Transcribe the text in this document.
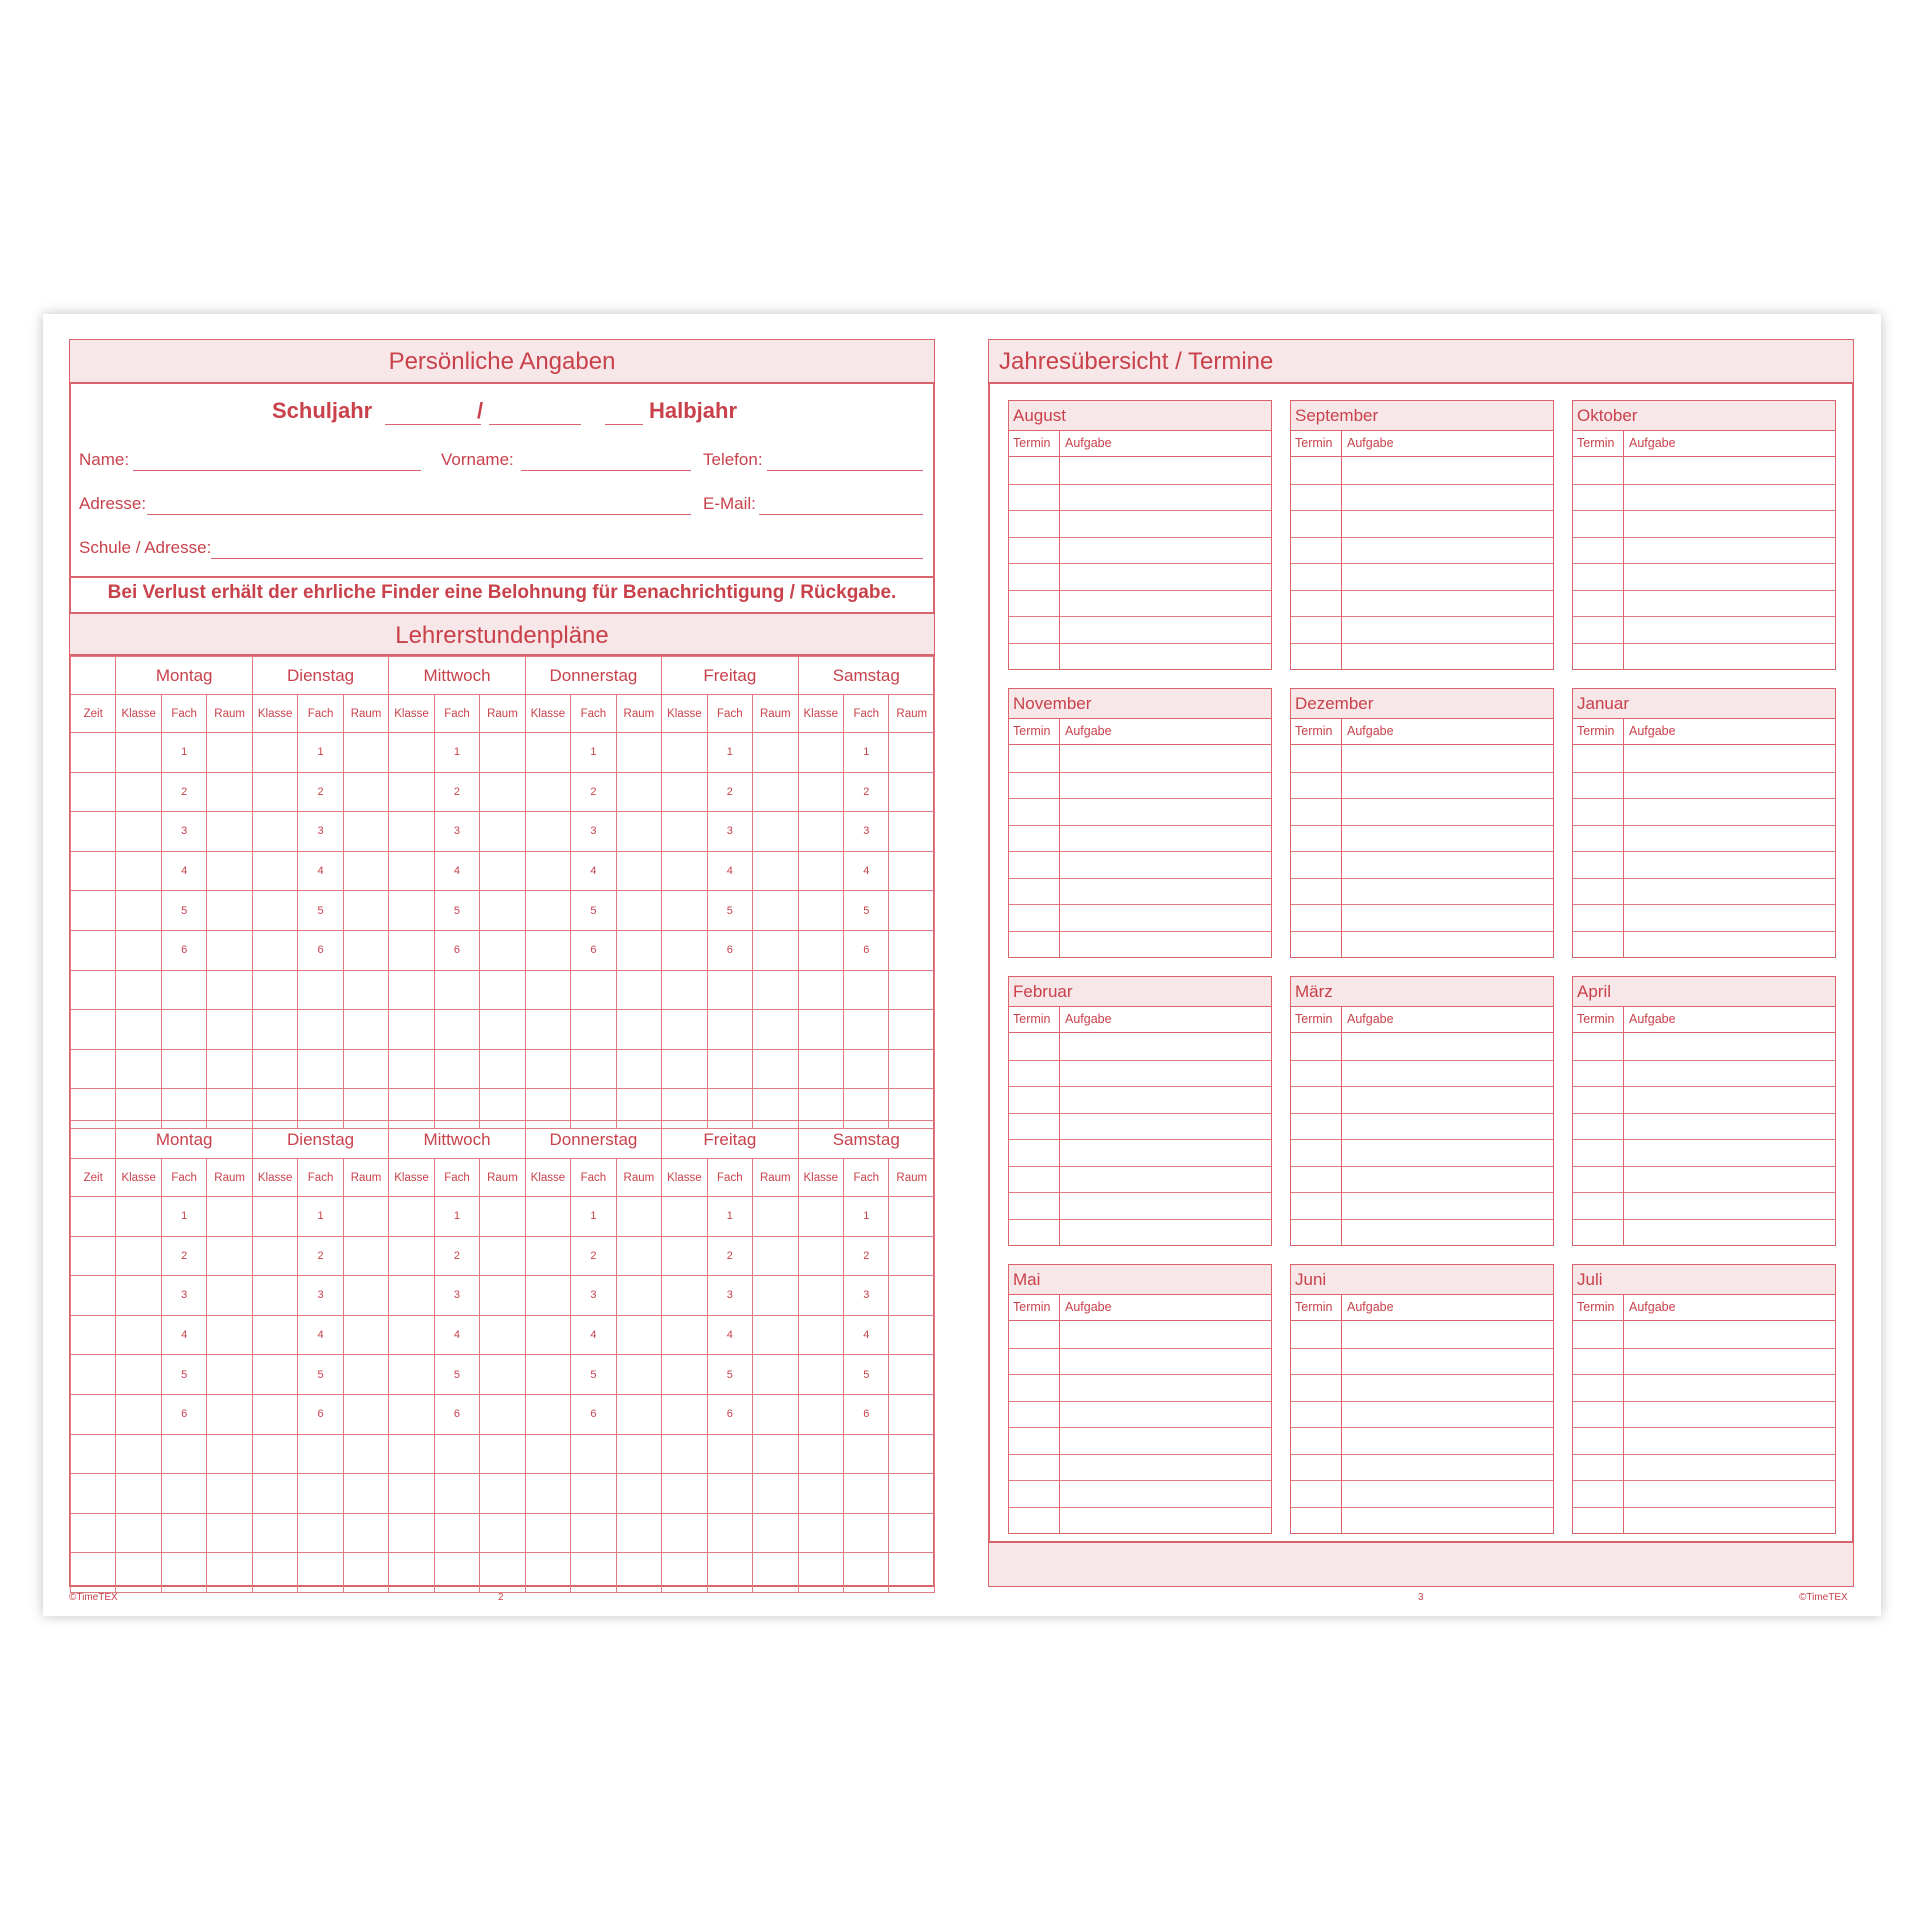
Persönliche Angaben
Schuljahr	/	Halbjahr
Name:	Vorname:	Telefon:
Adresse:	E-Mail:
Schule / Adresse:
Bei Verlust erhält der ehrliche Finder eine Belohnung für Benachrichtigung / Rückgabe.
Lehrerstundenpläne
	Montag			Dienstag			Mittwoch			Donnerstag			Freitag			Samstag		
Zeit	Klasse	Fach	Raum	Klasse	Fach	Raum	Klasse	Fach	Raum	Klasse	Fach	Raum	Klasse	Fach	Raum	Klasse	Fach	Raum
		1			1			1			1			1			1	
		2			2			2			2			2			2	
		3			3			3			3			3			3	
		4			4			4			4			4			4	
		5			5			5			5			5			5	
		6			6			6			6			6			6	

	Montag			Dienstag			Mittwoch			Donnerstag			Freitag			Samstag		
Zeit	Klasse	Fach	Raum	Klasse	Fach	Raum	Klasse	Fach	Raum	Klasse	Fach	Raum	Klasse	Fach	Raum	Klasse	Fach	Raum
		1			1			1			1			1			1	
		2			2			2			2			2			2	
		3			3			3			3			3			3	
		4			4			4			4			4			4	
		5			5			5			5			5			5	
		6			6			6			6			6			6	

©TimeTEX	2
Jahresübersicht / Termine
August
Termin Aufgabe
September
Termin Aufgabe
Oktober
Termin Aufgabe
November
Termin Aufgabe
Dezember
Termin Aufgabe
Januar
Termin Aufgabe
Februar
Termin Aufgabe
März
Termin Aufgabe
April
Termin Aufgabe
Mai
Termin Aufgabe
Juni
Termin Aufgabe
Juli
Termin Aufgabe
3	©TimeTEX
